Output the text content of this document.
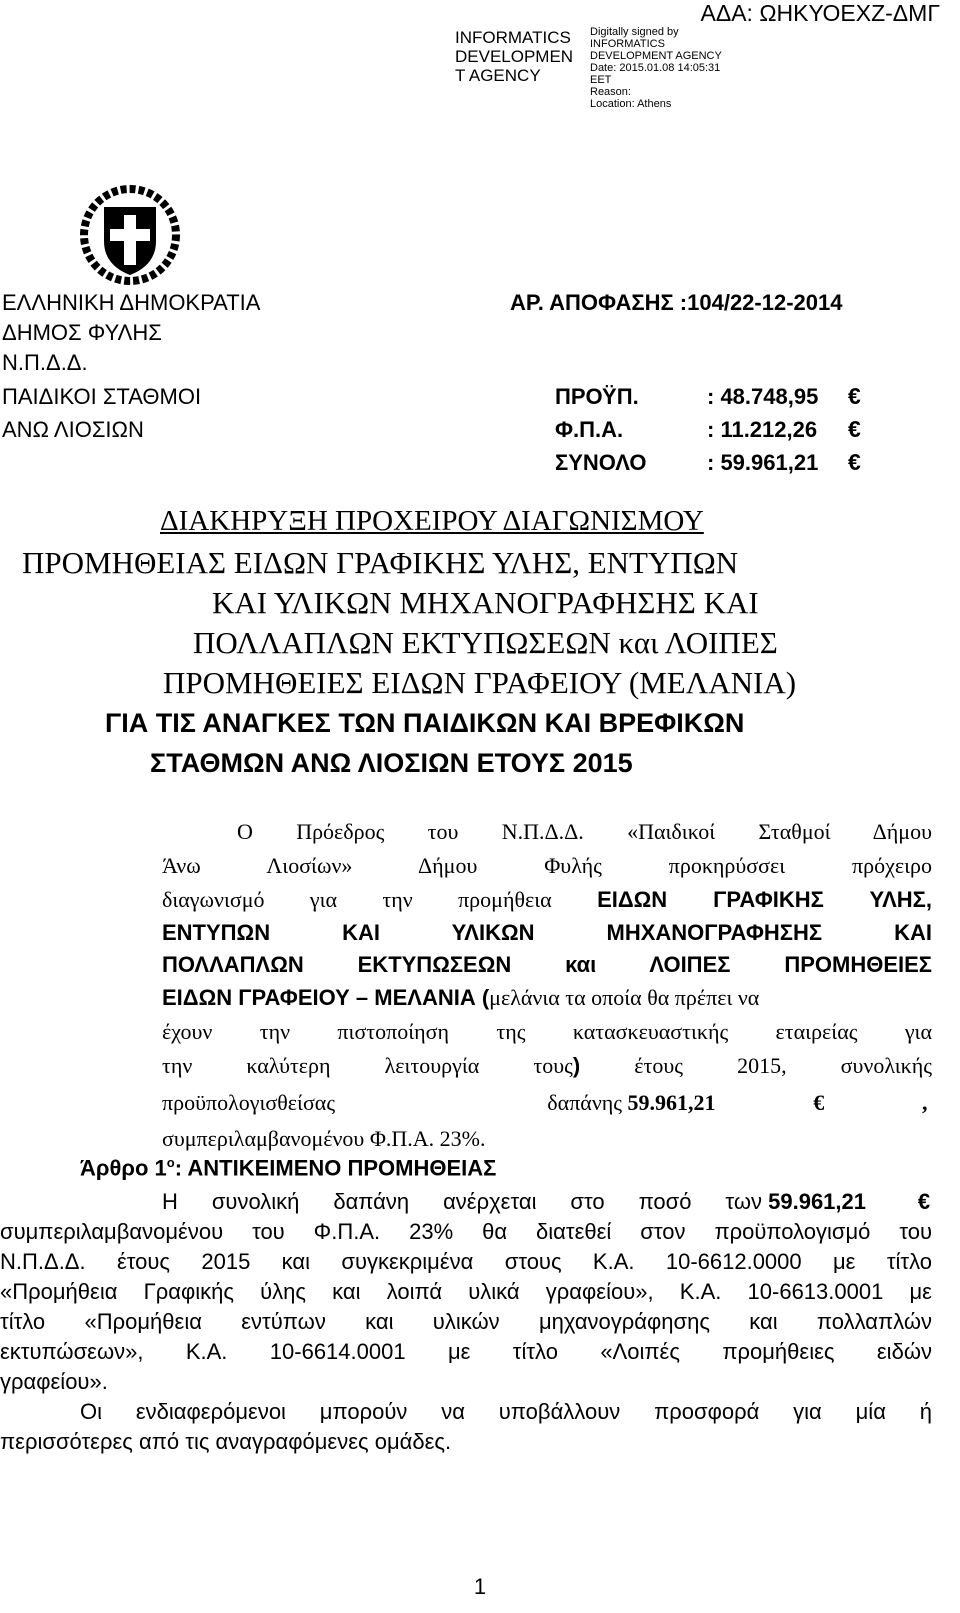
ΑΔΑ: ΩΗΚΥΟΕΧΖ-ΔΜΓ
INFORMATICS
DEVELOPMEN
T AGENCY
Digitally signed by
INFORMATICS
DEVELOPMENT AGENCY
Date: 2015.01.08 14:05:31
EET
Reason:
Location: Athens
ΕΛΛΗΝΙΚΗ ΔΗΜΟΚΡΑΤΙΑ
ΔΗΜΟΣ ΦΥΛΗΣ
Ν.Π.Δ.Δ.
ΠΑΙΔΙΚΟΙ ΣΤΑΘΜΟΙ
ΑΝΩ ΛΙΟΣΙΩΝ
ΑΡ. ΑΠΟΦΑΣΗΣ :104/22-12-2014
ΠΡΟΫΠ.	: 48.748,95 €
Φ.Π.Α.	: 11.212,26 €
ΣΥΝΟΛΟ	: 59.961,21 €
ΔΙΑΚΗΡΥΞΗ ΠΡΟΧΕΙΡΟΥ ΔΙΑΓΩΝΙΣΜΟΥ
ΠΡΟΜΗΘΕΙΑΣ ΕΙΔΩΝ ΓΡΑΦΙΚΗΣ ΥΛΗΣ, ΕΝΤΥΠΩΝ
ΚΑΙ ΥΛΙΚΩΝ ΜΗΧΑΝΟΓΡΑΦΗΣΗΣ ΚΑΙ
ΠΟΛΛΑΠΛΩΝ ΕΚΤΥΠΩΣΕΩΝ και ΛΟΙΠΕΣ
ΠΡΟΜΗΘΕΙΕΣ ΕΙΔΩΝ ΓΡΑΦΕΙΟΥ (ΜΕΛΑΝΙΑ)
ΓΙΑ ΤΙΣ ΑΝΑΓΚΕΣ ΤΩΝ ΠΑΙΔΙΚΩΝ ΚΑΙ ΒΡΕΦΙΚΩΝ
ΣΤΑΘΜΩΝ ΑΝΩ ΛΙΟΣΙΩΝ ΕΤΟΥΣ 2015
Ο Πρόεδρος του Ν.Π.Δ.Δ. «Παιδικοί Σταθμοί Δήμου
Άνω Λιοσίων» Δήμου Φυλής προκηρύσσει πρόχειρο
διαγωνισμό για την προμήθεια ΕΙΔΩΝ ΓΡΑΦΙΚΗΣ ΥΛΗΣ,
ΕΝΤΥΠΩΝ ΚΑΙ ΥΛΙΚΩΝ ΜΗΧΑΝΟΓΡΑΦΗΣΗΣ ΚΑΙ
ΠΟΛΛΑΠΛΩΝ ΕΚΤΥΠΩΣΕΩΝ και ΛΟΙΠΕΣ ΠΡΟΜΗΘΕΙΕΣ
ΕΙΔΩΝ ΓΡΑΦΕΙΟΥ – ΜΕΛΑΝΙΑ (μελάνια τα οποία θα πρέπει να
έχουν την πιστοποίηση της κατασκευαστικής εταιρείας για
την καλύτερη λειτουργία τους) έτους 2015, συνολικής
προϋπολογισθείσας δαπάνης 59.961,21 € ,
συμπεριλαμβανομένου Φ.Π.Α. 23%.
Άρθρο $1^o$: ΑΝΤΙΚΕΙΜΕΝΟ ΠΡΟΜΗΘΕΙΑΣ
Η συνολική δαπάνη ανέρχεται στο ποσό των 59.961,21 €
συμπεριλαμβανομένου του Φ.Π.Α. 23% θα διατεθεί στον προϋπολογισμό του
Ν.Π.Δ.Δ. έτους 2015 και συγκεκριμένα στους Κ.Α. 10-6612.0000 με τίτλο
«Προμήθεια Γραφικής ύλης και λοιπά υλικά γραφείου», Κ.Α. 10-6613.0001 με
τίτλο «Προμήθεια εντύπων και υλικών μηχανογράφησης και πολλαπλών
εκτυπώσεων», Κ.Α. 10-6614.0001 με τίτλο «Λοιπές προμήθειες ειδών
γραφείου».
Οι ενδιαφερόμενοι μπορούν να υποβάλλουν προσφορά για μία ή
περισσότερες από τις αναγραφόμενες ομάδες.
1
